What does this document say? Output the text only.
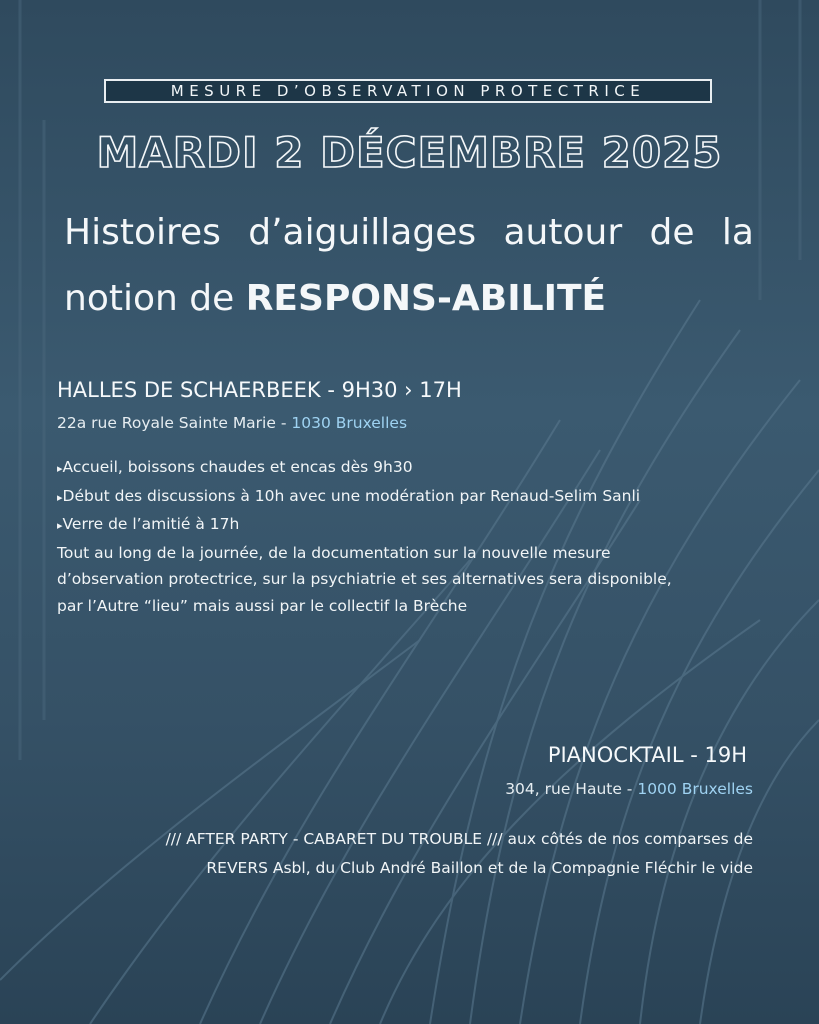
MESURE D’OBSERVATION PROTECTRICE
MARDI 2 DÉCEMBRE 2025
Histoires d’aiguillages autour de la
notion de RESPONS-ABILITÉ
HALLES DE SCHAERBEEK - 9H30 › 17H
22a rue Royale Sainte Marie - 1030 Bruxelles

▸ Accueil, boissons chaudes et encas dès 9h30

▸ Début des discussions à 10h avec une modération par Renaud-Selim Sanli

▸ Verre de l’amitié à 17h

Tout au long de la journée, de la documentation sur la nouvelle mesure d’observation protectrice, sur la psychiatrie et ses alternatives sera disponible, par l’Autre “lieu” mais aussi par le collectif la Brèche

PIANOCKTAIL - 19H
304, rue Haute - 1000 Bruxelles
/// AFTER PARTY - CABARET DU TROUBLE /// aux côtés de nos comparses de REVERS Asbl, du Club André Baillon et de la Compagnie Fléchir le vide
